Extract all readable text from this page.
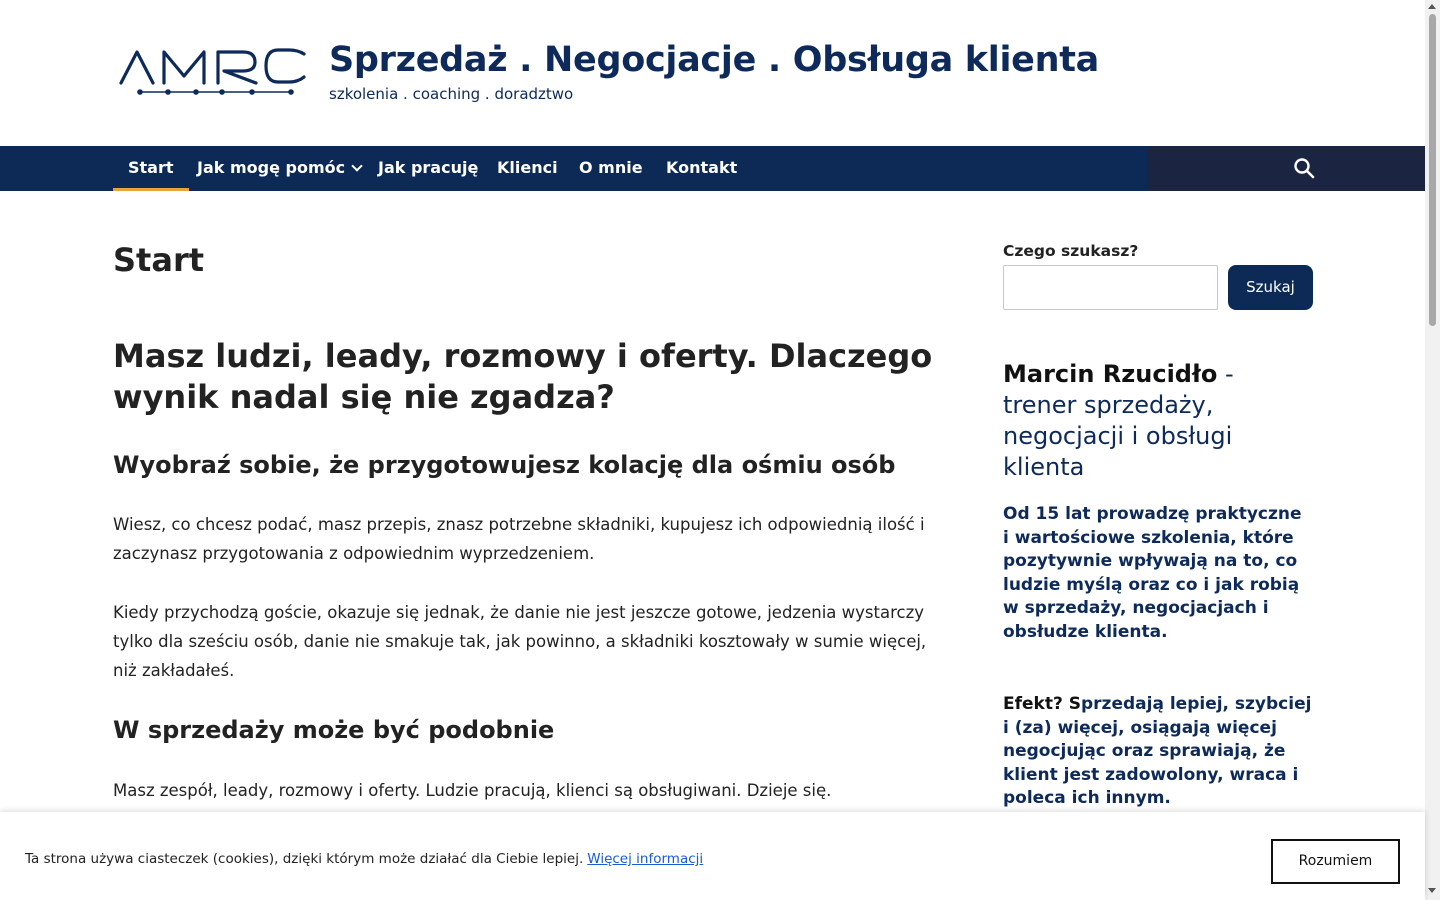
Sprzedaż . Negocjacje . Obsługa klienta
szkolenia . coaching . doradztwo
Start	Jak mogę pomóc	Jak pracuję	Klienci	O mnie	Kontakt
Start
Masz ludzi, leady, rozmowy i oferty. Dlaczego wynik nadal się nie zgadza?
Wyobraź sobie, że przygotowujesz kolację dla ośmiu osób

Wiesz, co chcesz podać, masz przepis, znasz potrzebne składniki, kupujesz ich odpowiednią ilość i zaczynasz przygotowania z odpowiednim wyprzedzeniem.

Kiedy przychodzą goście, okazuje się jednak, że danie nie jest jeszcze gotowe, jedzenia wystarczy tylko dla sześciu osób, danie nie smakuje tak, jak powinno, a składniki kosztowały w sumie więcej, niż zakładałeś.

W sprzedaży może być podobnie

Masz zespół, leady, rozmowy i oferty. Ludzie pracują, klienci są obsługiwani. Dzieje się.

Czego szukasz?
Szukaj
Marcin Rzucidło - trener sprzedaży, negocjacji i obsługi klienta

Od 15 lat prowadzę praktyczne i wartościowe szkolenia, które pozytywnie wpływają na to, co ludzie myślą oraz co i jak robią w sprzedaży, negocjacjach i obsłudze klienta.

Efekt? Sprzedają lepiej, szybciej i (za) więcej, osiągają więcej negocjując oraz sprawiają, że klient jest zadowolony, wraca i poleca ich innym.

Ta strona używa ciasteczek (cookies), dzięki którym może działać dla Ciebie lepiej. Więcej informacji	Rozumiem
